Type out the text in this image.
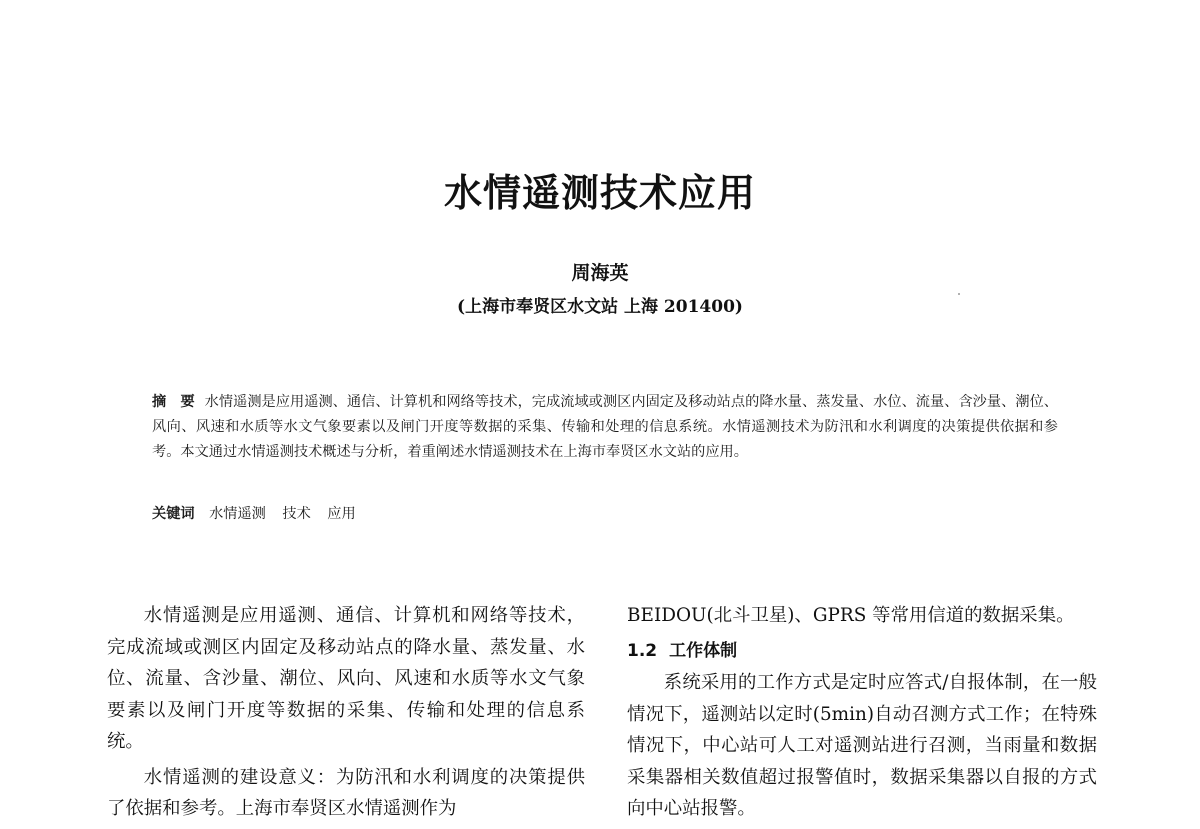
水情遥测技术应用
周海英
(上海市奉贤区水文站 上海 201400)
摘　要 水情遥测是应用遥测、通信、计算机和网络等技术，完成流域或测区内固定及移动站点的降水量、蒸发量、水位、流量、含沙量、潮位、风向、风速和水质等水文气象要素以及闸门开度等数据的采集、传输和处理的信息系统。水情遥测技术为防汛和水利调度的决策提供依据和参考。本文通过水情遥测技术概述与分析，着重阐述水情遥测技术在上海市奉贤区水文站的应用。
关键词 水情遥测 技术 应用

水情遥测是应用遥测、通信、计算机和网络等技术，完成流域或测区内固定及移动站点的降水量、蒸发量、水位、流量、含沙量、潮位、风向、风速和水质等水文气象要素以及闸门开度等数据的采集、传输和处理的信息系统。

水情遥测的建设意义：为防汛和水利调度的决策提供了依据和参考。上海市奉贤区水情遥测作为

BEIDOU(北斗卫星)、GPRS 等常用信道的数据采集。

1.2 工作体制

系统采用的工作方式是定时应答式/自报体制，在一般情况下，遥测站以定时(5min)自动召测方式工作；在特殊情况下，中心站可人工对遥测站进行召测，当雨量和数据采集器相关数值超过报警值时，数据采集器以自报的方式向中心站报警。
